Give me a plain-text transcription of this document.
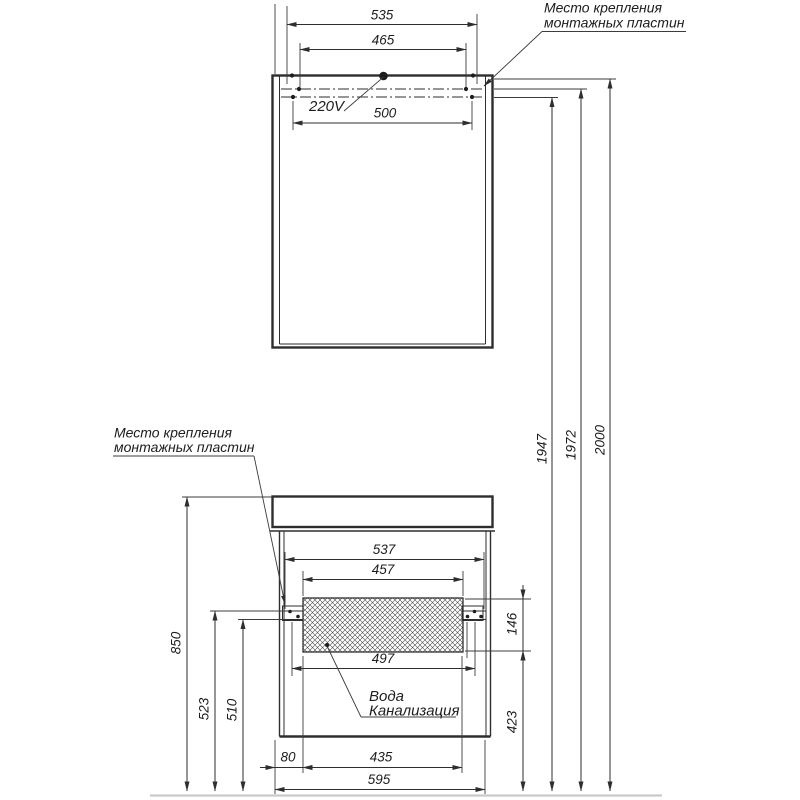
220V
535
465
500
Место крепления
монтажных пластин
2000
1972
1947
537
457
146
423
497
Вода
Канализация
80	435
595
850
523 510
Место крепления
монтажных пластин
